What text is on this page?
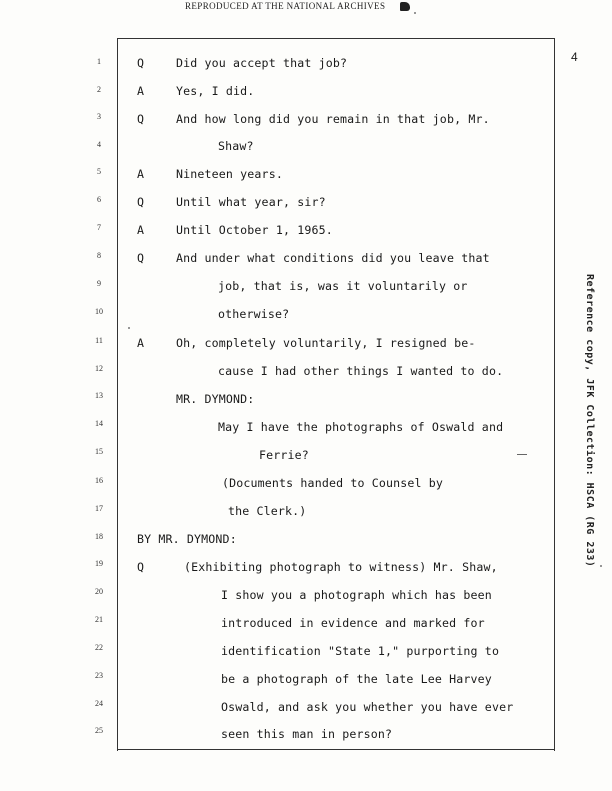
REPRODUCED AT THE NATIONAL ARCHIVES
4
Reference copy, JFK Collection: HSCA (RG 233)
1
2
3
4
5
6
7
8
9
10
11
12
13
14
15
16
17
18
19
20
21
22
23
24
25
Q
A
Q
A
Q
A
Q
A
Q
Did you accept that job?
Yes, I did.
And how long did you remain in that job, Mr.
Shaw?
Nineteen years.
Until what year, sir?
Until October 1, 1965.
And under what conditions did you leave that
job, that is, was it voluntarily or
otherwise?
Oh, completely voluntarily, I resigned be-
cause I had other things I wanted to do.
MR. DYMOND:
May I have the photographs of Oswald and
Ferrie?
(Documents handed to Counsel by
the Clerk.)
BY MR. DYMOND:
(Exhibiting photograph to witness) Mr. Shaw,
I show you a photograph which has been
introduced in evidence and marked for
identification "State 1," purporting to
be a photograph of the late Lee Harvey
Oswald, and ask you whether you have ever
seen this man in person?
